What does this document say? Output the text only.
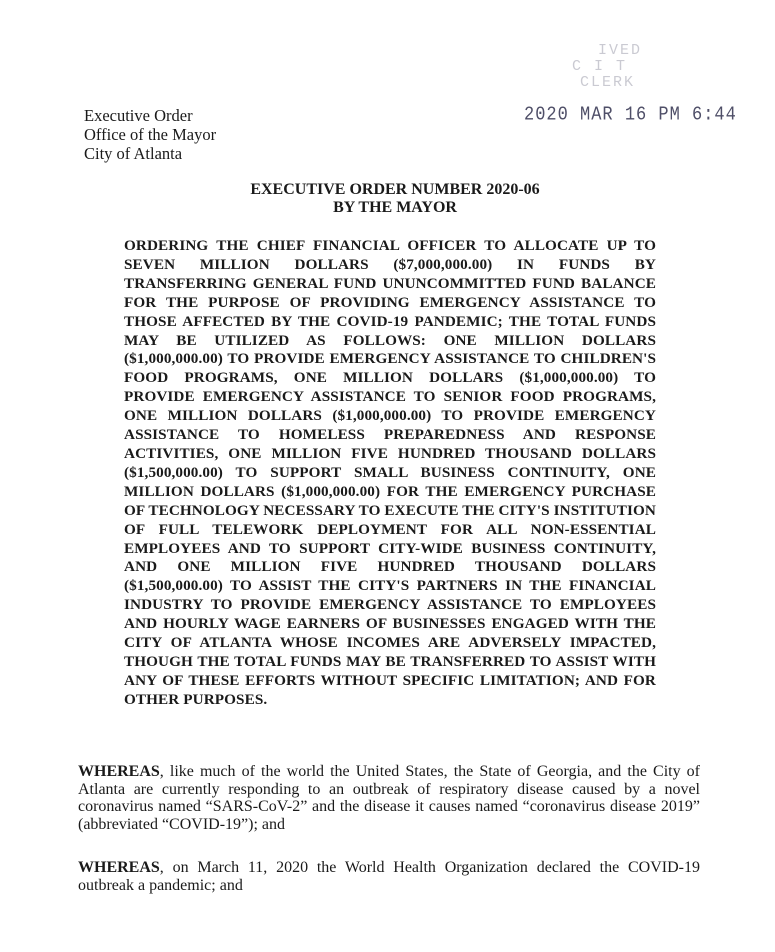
IVED
C I T
CLERK
2020 MAR 16 PM 6:44
Executive Order
Office of the Mayor
City of Atlanta
EXECUTIVE ORDER NUMBER 2020-06
BY THE MAYOR
ORDERING THE CHIEF FINANCIAL OFFICER TO ALLOCATE UP TO SEVEN MILLION DOLLARS ($7,000,000.00) IN FUNDS BY TRANSFERRING GENERAL FUND UNUNCOMMITTED FUND BALANCE FOR THE PURPOSE OF PROVIDING EMERGENCY ASSISTANCE TO THOSE AFFECTED BY THE COVID-19 PANDEMIC; THE TOTAL FUNDS MAY BE UTILIZED AS FOLLOWS: ONE MILLION DOLLARS ($1,000,000.00) TO PROVIDE EMERGENCY ASSISTANCE TO CHILDREN'S FOOD PROGRAMS, ONE MILLION DOLLARS ($1,000,000.00) TO PROVIDE EMERGENCY ASSISTANCE TO SENIOR FOOD PROGRAMS, ONE MILLION DOLLARS ($1,000,000.00) TO PROVIDE EMERGENCY ASSISTANCE TO HOMELESS PREPAREDNESS AND RESPONSE ACTIVITIES, ONE MILLION FIVE HUNDRED THOUSAND DOLLARS ($1,500,000.00) TO SUPPORT SMALL BUSINESS CONTINUITY, ONE MILLION DOLLARS ($1,000,000.00) FOR THE EMERGENCY PURCHASE OF TECHNOLOGY NECESSARY TO EXECUTE THE CITY'S INSTITUTION OF FULL TELEWORK DEPLOYMENT FOR ALL NON-ESSENTIAL EMPLOYEES AND TO SUPPORT CITY-WIDE BUSINESS CONTINUITY, AND ONE MILLION FIVE HUNDRED THOUSAND DOLLARS ($1,500,000.00) TO ASSIST THE CITY'S PARTNERS IN THE FINANCIAL INDUSTRY TO PROVIDE EMERGENCY ASSISTANCE TO EMPLOYEES AND HOURLY WAGE EARNERS OF BUSINESSES ENGAGED WITH THE CITY OF ATLANTA WHOSE INCOMES ARE ADVERSELY IMPACTED, THOUGH THE TOTAL FUNDS MAY BE TRANSFERRED TO ASSIST WITH ANY OF THESE EFFORTS WITHOUT SPECIFIC LIMITATION; AND FOR OTHER PURPOSES.
WHEREAS, like much of the world the United States, the State of Georgia, and the City of Atlanta are currently responding to an outbreak of respiratory disease caused by a novel coronavirus named “SARS-CoV-2” and the disease it causes named “coronavirus disease 2019” (abbreviated “COVID-19”); and
WHEREAS, on March 11, 2020 the World Health Organization declared the COVID-19 outbreak a pandemic; and
